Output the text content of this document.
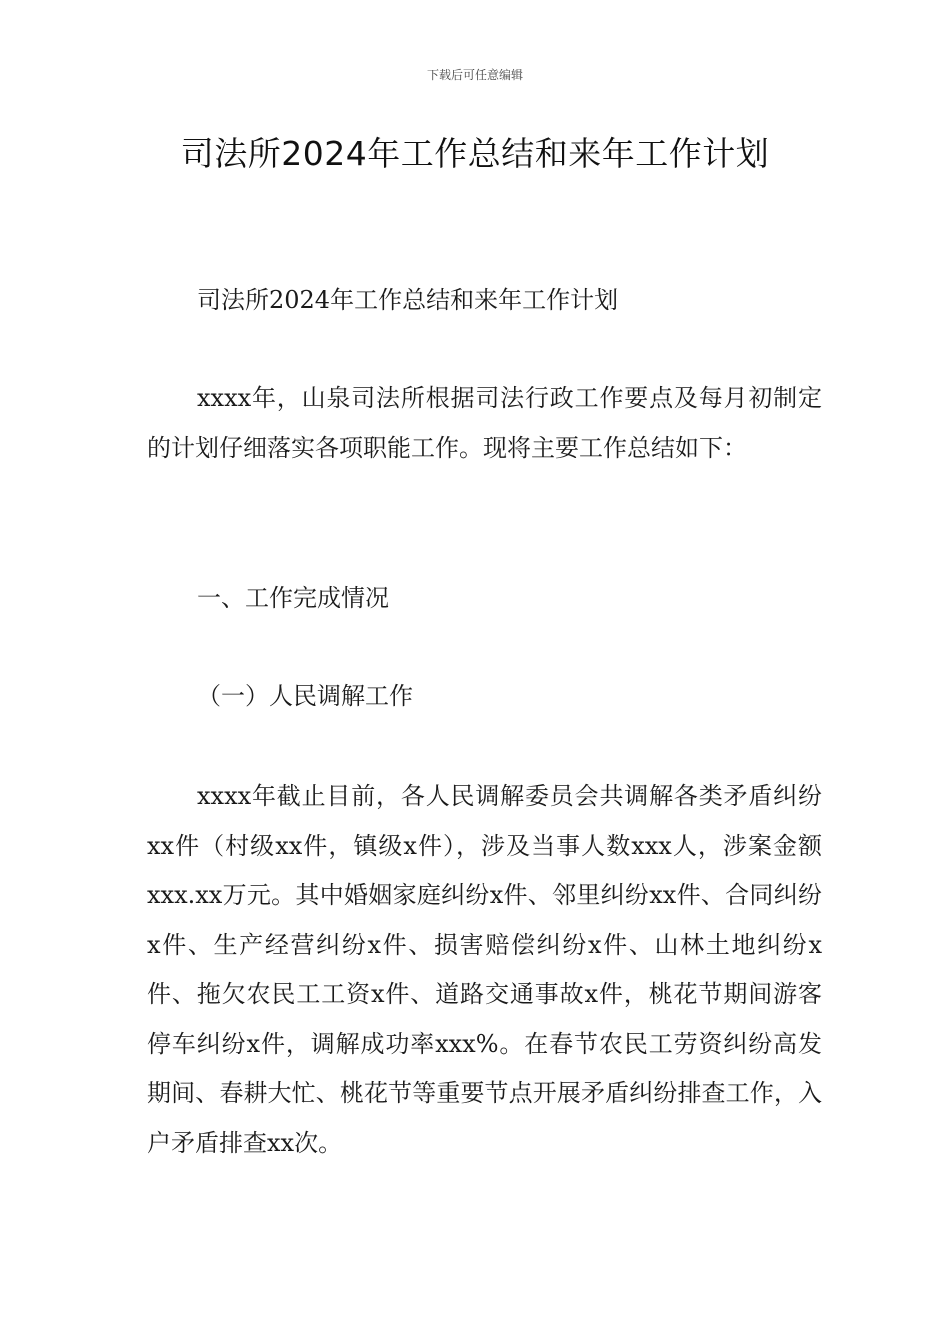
下载后可任意编辑
司法所2024年工作总结和来年工作计划

司法所2024年工作总结和来年工作计划

xxxx年，山泉司法所根据司法行政工作要点及每月初制定的计划仔细落实各项职能工作。现将主要工作总结如下：

一、工作完成情况

（一）人民调解工作

xxxx年截止目前，各人民调解委员会共调解各类矛盾纠纷xx件（村级xx件，镇级x件），涉及当事人数xxx人，涉案金额xxx.xx万元。其中婚姻家庭纠纷x件、邻里纠纷xx件、合同纠纷x件、生产经营纠纷x件、损害赔偿纠纷x件、山林土地纠纷x件、拖欠农民工工资x件、道路交通事故x件，桃花节期间游客停车纠纷x件，调解成功率xxx%。在春节农民工劳资纠纷高发期间、春耕大忙、桃花节等重要节点开展矛盾纠纷排查工作，入户矛盾排查xx次。
